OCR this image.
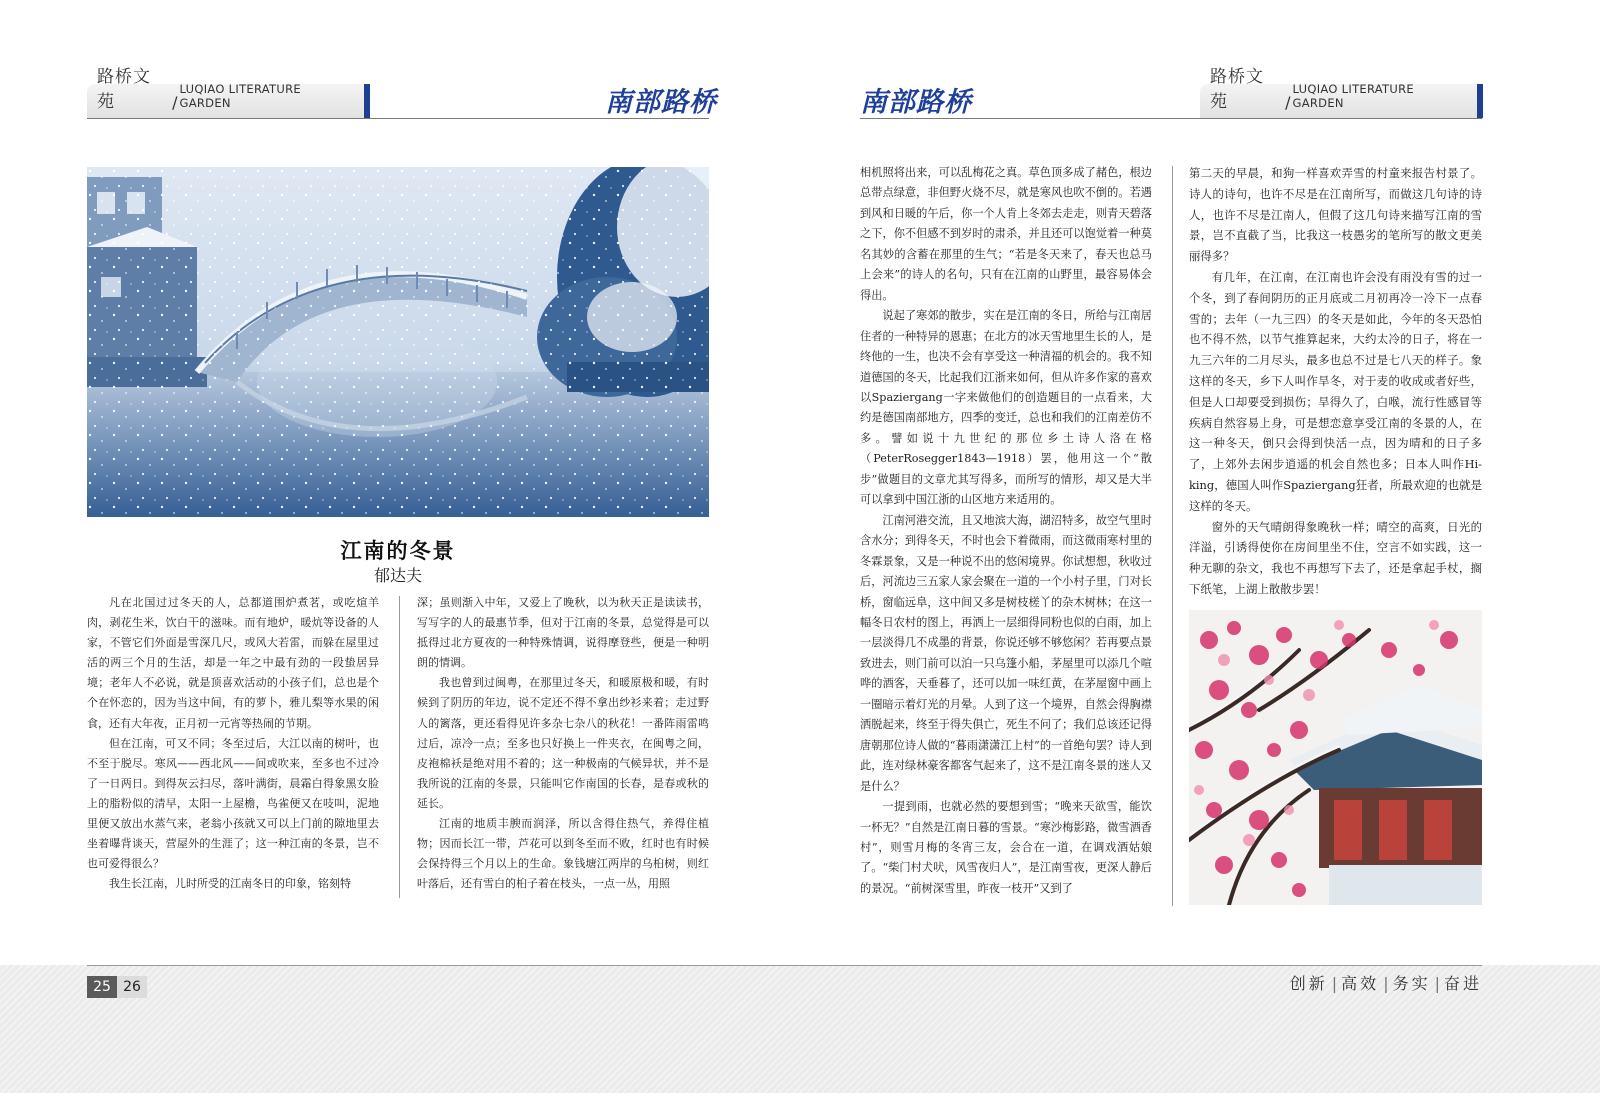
路桥文苑	/
LUQIAO LITERATURE GARDEN	南部路桥
江南的冬景
郁达夫

凡在北国过过冬天的人，总都道围炉煮茗，或吃煊羊肉，剥花生米，饮白干的滋味。而有地炉，暖炕等设备的人家，不管它们外面是雪深几尺，或风大若雷，而躲在屋里过活的两三个月的生活，却是一年之中最有劲的一段蛰居异境；老年人不必说，就是顶喜欢活动的小孩子们，总也是个个在怀恋的，因为当这中间，有的萝卜，雅儿梨等水果的闲食，还有大年夜，正月初一元宵等热闹的节期。

但在江南，可又不同；冬至过后，大江以南的树叶，也不至于脱尽。寒风——西北风——间或吹来，至多也不过冷了一日两日。到得灰云扫尽，落叶满街，晨霜白得象黑女脸上的脂粉似的清早，太阳一上屋檐，鸟雀便又在吱叫，泥地里便又放出水蒸气来，老翁小孩就又可以上门前的隙地里去坐着曝背谈天，营屋外的生涯了；这一种江南的冬景，岂不也可爱得很么？

我生长江南，儿时所受的江南冬日的印象，铭刻特

深；虽则渐入中年，又爱上了晚秋，以为秋天正是读读书，写写字的人的最惠节季，但对于江南的冬景，总觉得是可以抵得过北方夏夜的一种特殊情调，说得摩登些，便是一种明朗的情调。

我也曾到过闽粤，在那里过冬天，和暖原极和暖，有时候到了阴历的年边，说不定还不得不拿出纱衫来着；走过野人的篱落，更还看得见许多杂七杂八的秋花！一番阵雨雷鸣过后，凉冷一点；至多也只好换上一件夹衣，在闽粤之间，皮袍棉袄是绝对用不着的；这一种极南的气候异状，并不是我所说的江南的冬景，只能叫它作南国的长春，是春或秋的延长。

江南的地质丰腴而润泽，所以含得住热气，养得住植物；因而长江一带，芦花可以到冬至而不败，红时也有时候会保持得三个月以上的生命。象钱塘江两岸的乌桕树，则红叶落后，还有雪白的桕子着在枝头，一点一丛，用照

南部路桥
路桥文苑	/
LUQIAO LITERATURE GARDEN

相机照将出来，可以乱梅花之真。草色顶多成了赭色，根边总带点绿意，非但野火烧不尽，就是寒风也吹不倒的。若遇到风和日暖的午后，你一个人肯上冬郊去走走，则青天碧落之下，你不但感不到岁时的肃杀，并且还可以饱觉着一种莫名其妙的含蓄在那里的生气；“若是冬天来了，春天也总马上会来”的诗人的名句，只有在江南的山野里，最容易体会得出。

说起了寒郊的散步，实在是江南的冬日，所给与江南居住者的一种特异的恩惠；在北方的冰天雪地里生长的人，是终他的一生，也决不会有享受这一种清福的机会的。我不知道德国的冬天，比起我们江浙来如何，但从许多作家的喜欢以Spaziergang一字来做他们的创造题目的一点看来，大约是德国南部地方，四季的变迁，总也和我们的江南差仿不多。譬如说十九世纪的那位乡土诗人洛在格（PeterRosegger1843—1918）罢，他用这一个“散步”做题目的文章尤其写得多，而所写的情形，却又是大半可以拿到中国江浙的山区地方来适用的。

江南河港交流，且又地滨大海，湖沼特多，故空气里时含水分；到得冬天，不时也会下着微雨，而这微雨寒村里的冬霖景象，又是一种说不出的悠闲境界。你试想想，秋收过后，河流边三五家人家会聚在一道的一个小村子里，门对长桥，窗临远阜，这中间又多是树枝槎丫的杂木树林；在这一幅冬日农村的图上，再洒上一层细得同粉也似的白雨，加上一层淡得几不成墨的背景，你说还够不够悠闲？若再要点景致进去，则门前可以泊一只乌篷小船，茅屋里可以添几个喧哗的酒客，天垂暮了，还可以加一味红黄，在茅屋窗中画上一圈暗示着灯光的月晕。人到了这一个境界，自然会得胸襟洒脱起来，终至于得失俱亡，死生不问了；我们总该还记得唐朝那位诗人做的“暮雨潇潇江上村”的一首绝句罢？诗人到此，连对绿林豪客都客气起来了，这不是江南冬景的迷人又是什么？

一提到雨，也就必然的要想到雪；“晚来天欲雪，能饮一杯无？”自然是江南日暮的雪景。“寒沙梅影路，微雪酒香村”，则雪月梅的冬宵三友，会合在一道，在调戏酒姑娘了。“柴门村犬吠，风雪夜归人”，是江南雪夜，更深人静后的景况。“前树深雪里，昨夜一枝开”又到了

第二天的早晨，和狗一样喜欢弄雪的村童来报告村景了。诗人的诗句，也许不尽是在江南所写，而做这几句诗的诗人，也许不尽是江南人，但假了这几句诗来描写江南的雪景，岂不直截了当，比我这一枝愚劣的笔所写的散文更美丽得多？

有几年，在江南，在江南也许会没有雨没有雪的过一个冬，到了春间阴历的正月底或二月初再冷一冷下一点春雪的；去年（一九三四）的冬天是如此，今年的冬天恐怕也不得不然，以节气推算起来，大约太冷的日子，将在一九三六年的二月尽头，最多也总不过是七八天的样子。象这样的冬天，乡下人叫作旱冬，对于麦的收成或者好些，但是人口却要受到损伤；旱得久了，白喉，流行性感冒等疾病自然容易上身，可是想恋意享受江南的冬景的人，在这一种冬天，倒只会得到快活一点，因为晴和的日子多了，上郊外去闲步逍遥的机会自然也多；日本人叫作Hi-king，德国人叫作Spaziergang狂者，所最欢迎的也就是这样的冬天。

窗外的天气晴朗得象晚秋一样；晴空的高爽，日光的洋溢，引诱得使你在房间里坐不住，空言不如实践，这一种无聊的杂文，我也不再想写下去了，还是拿起手杖，搁下纸笔，上湖上散散步罢！

25 26	创新 | 高效 | 务实 | 奋进
